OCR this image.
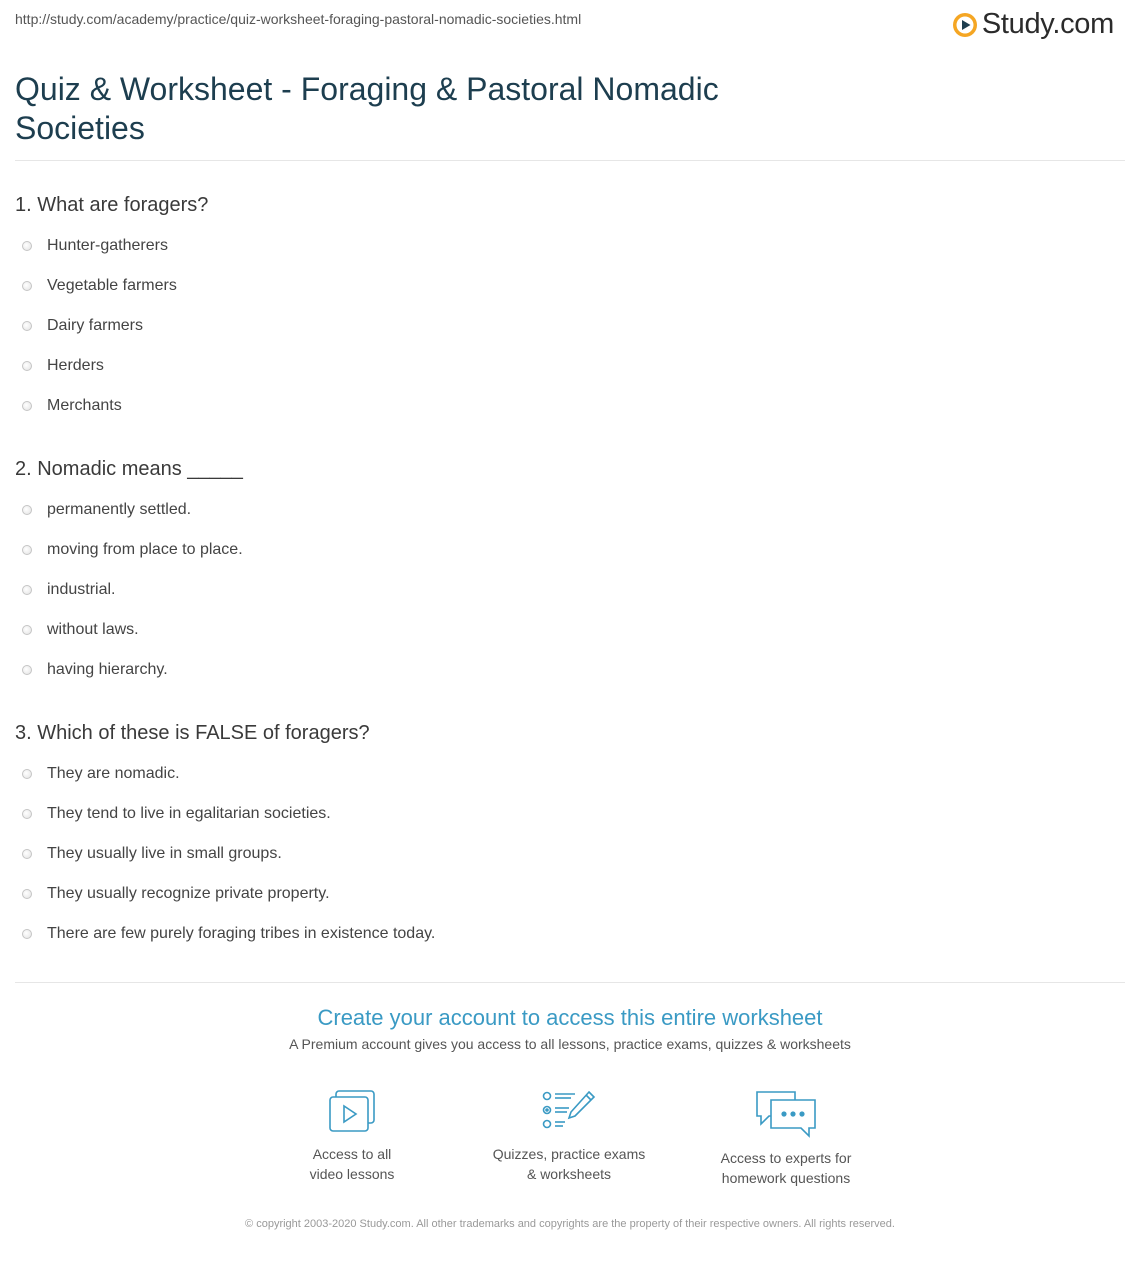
http://study.com/academy/practice/quiz-worksheet-foraging-pastoral-nomadic-societies.html	Study.com
Quiz & Worksheet - Foraging & Pastoral Nomadic Societies
1. What are foragers?
Hunter-gatherers
Vegetable farmers
Dairy farmers
Herders
Merchants
2. Nomadic means _____
permanently settled.
moving from place to place.
industrial.
without laws.
having hierarchy.
3. Which of these is FALSE of foragers?
They are nomadic.
They tend to live in egalitarian societies.
They usually live in small groups.
They usually recognize private property.
There are few purely foraging tribes in existence today.
Create your account to access this entire worksheet
A Premium account gives you access to all lessons, practice exams, quizzes & worksheets
Access to all
video lessons
Quizzes, practice exams
& worksheets
Access to experts for
homework questions
© copyright 2003-2020 Study.com. All other trademarks and copyrights are the property of their respective owners. All rights reserved.
